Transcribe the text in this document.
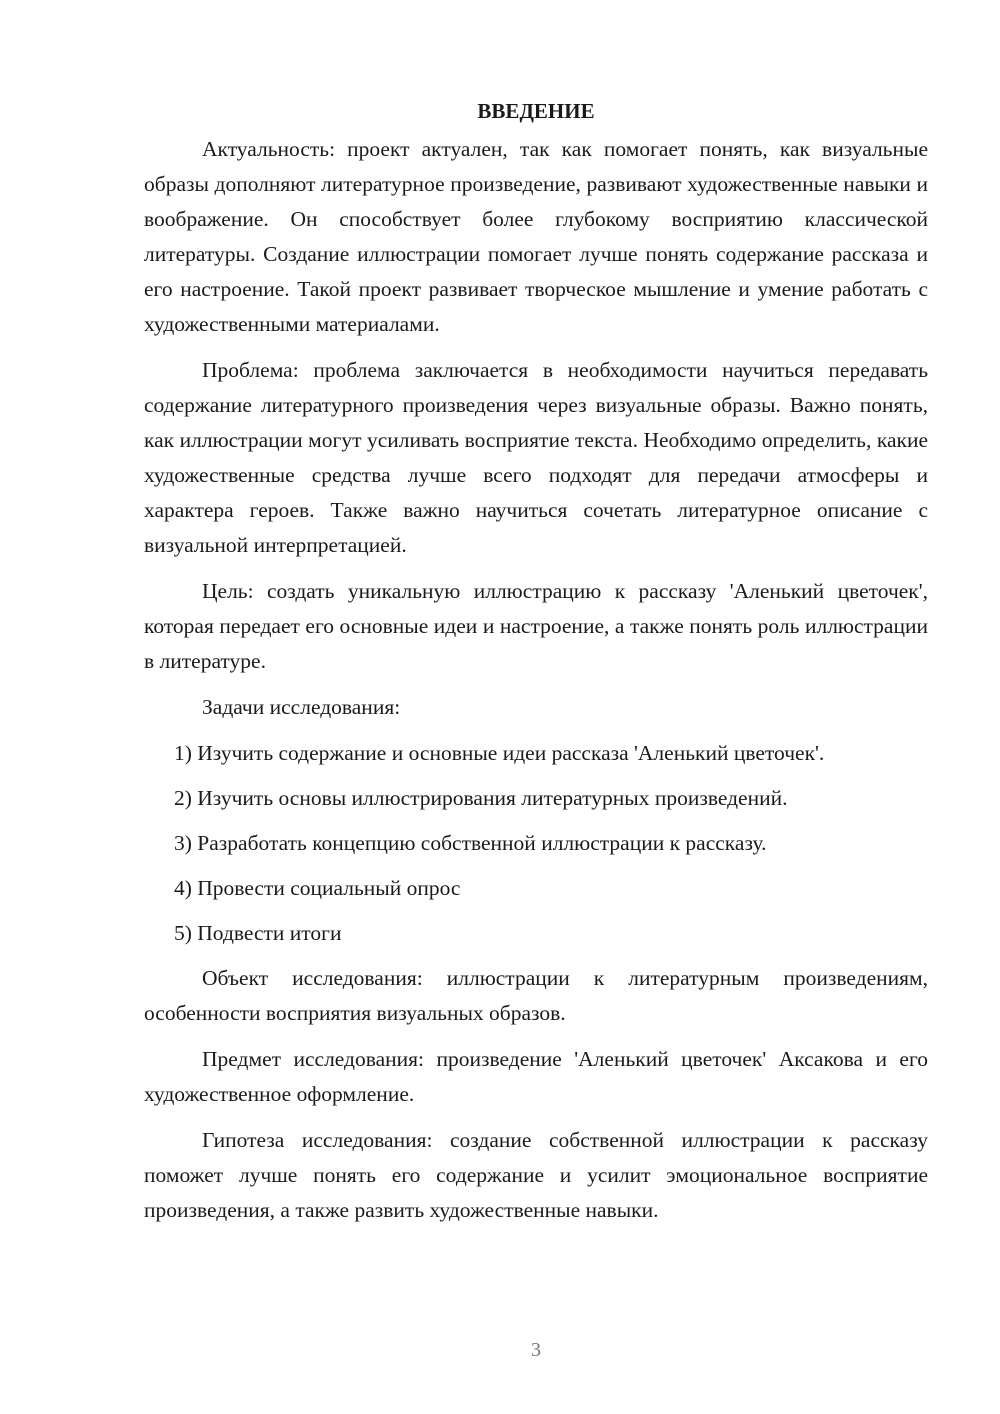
ВВЕДЕНИЕ

Актуальность: проект актуален, так как помогает понять, как визуальные образы дополняют литературное произведение, развивают художественные навыки и воображение. Он способствует более глубокому восприятию классической литературы. Создание иллюстрации помогает лучше понять содержание рассказа и его настроение. Такой проект развивает творческое мышление и умение работать с художественными материалами.

Проблема: проблема заключается в необходимости научиться передавать содержание литературного произведения через визуальные образы. Важно понять, как иллюстрации могут усиливать восприятие текста. Необходимо определить, какие художественные средства лучше всего подходят для передачи атмосферы и характера героев. Также важно научиться сочетать литературное описание с визуальной интерпретацией.

Цель: создать уникальную иллюстрацию к рассказу 'Аленький цветочек', которая передает его основные идеи и настроение, а также понять роль иллюстрации в литературе.

Задачи исследования:

1) Изучить содержание и основные идеи рассказа 'Аленький цветочек'.

2) Изучить основы иллюстрирования литературных произведений.

3) Разработать концепцию собственной иллюстрации к рассказу.

4) Провести социальный опрос

5) Подвести итоги

Объект исследования: иллюстрации к литературным произведениям, особенности восприятия визуальных образов.

Предмет исследования: произведение 'Аленький цветочек' Аксакова и его художественное оформление.

Гипотеза исследования: создание собственной иллюстрации к рассказу поможет лучше понять его содержание и усилит эмоциональное восприятие произведения, а также развить художественные навыки.

3
